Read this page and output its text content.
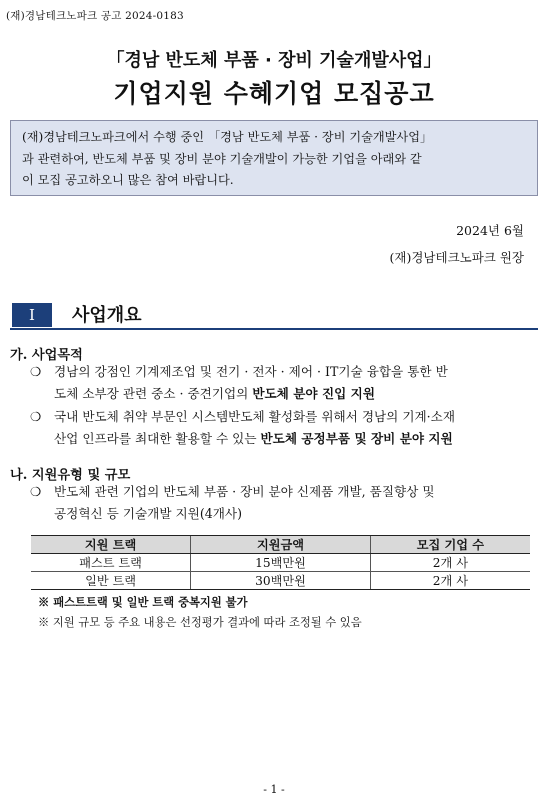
(재)경남테크노파크 공고 2024-0183
「경남 반도체 부품 · 장비 기술개발사업」
기업지원 수혜기업 모집공고
(재)경남테크노파크에서 수행 중인 「경남 반도체 부품 · 장비 기술개발사업」
과 관련하여, 반도체 부품 및 장비 분야 기술개발이 가능한 기업을 아래와 같
이 모집 공고하오니 많은 참여 바랍니다.
2024년 6월
(재)경남테크노파크 원장
Ⅰ	사업개요
가. 사업목적
❍ 경남의 강점인 기계제조업 및 전기 · 전자 · 제어 · IT기술 융합을 통한 반
도체 소부장 관련 중소 · 중견기업의 반도체 분야 진입 지원
❍ 국내 반도체 취약 부문인 시스템반도체 활성화를 위해서 경남의 기계·소재
산업 인프라를 최대한 활용할 수 있는 반도체 공정부품 및 장비 분야 지원
나. 지원유형 및 규모
❍ 반도체 관련 기업의 반도체 부품 · 장비 분야 신제품 개발, 품질향상 및
공정혁신 등 기술개발 지원(4개사)
지원 트랙	지원금액	모집 기업 수
패스트 트랙	15백만원	2개 사
일반 트랙	30백만원	2개 사
※ 패스트트랙 및 일반 트랙 중복지원 불가
※ 지원 규모 등 주요 내용은 선정평가 결과에 따라 조정될 수 있음
- 1 -
